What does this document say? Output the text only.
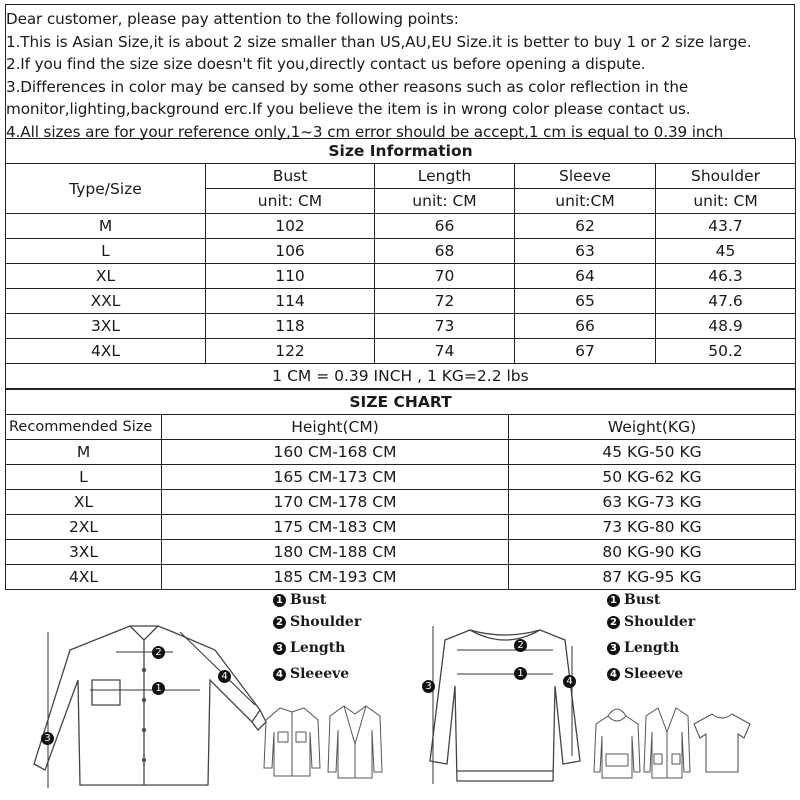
Dear customer, please pay attention to the following points:
1.This is Asian Size,it is about 2 size smaller than US,AU,EU Size.it is better to buy 1 or 2 size large.
2.If you find the size size doesn't fit you,directly contact us before opening a dispute.
3.Differences in color may be cansed by some other reasons such as color reflection in the
monitor,lighting,background erc.If you believe the item is in wrong color please contact us.
4.All sizes are for your reference only,1~3 cm error should be accept,1 cm is equal to 0.39 inch
Size Information				
Type/Size	Bust	Length	Sleeve	Shoulder
	unit: CM	unit: CM	unit:CM	unit: CM
M	102	66	62	43.7
L	106	68	63	45
XL	110	70	64	46.3
XXL	114	72	65	47.6
3XL	118	73	66	48.9
4XL	122	74	67	50.2
1 CM = 0.39 INCH , 1 KG=2.2 lbs				
SIZE CHART		
Recommended Size	Height(CM)	Weight(KG)
M	160 CM-168 CM	45 KG-50 KG
L	165 CM-173 CM	50 KG-62 KG
XL	170 CM-178 CM	63 KG-73 KG
2XL	175 CM-183 CM	73 KG-80 KG
3XL	180 CM-188 CM	80 KG-90 KG
4XL	185 CM-193 CM	87 KG-95 KG
1 Bust
2 Shoulder
3 Length
4 Sleeeve
1 Bust
2 Shoulder
3 Length
4 Sleeeve
1
2
3
4	1
2
3	4
